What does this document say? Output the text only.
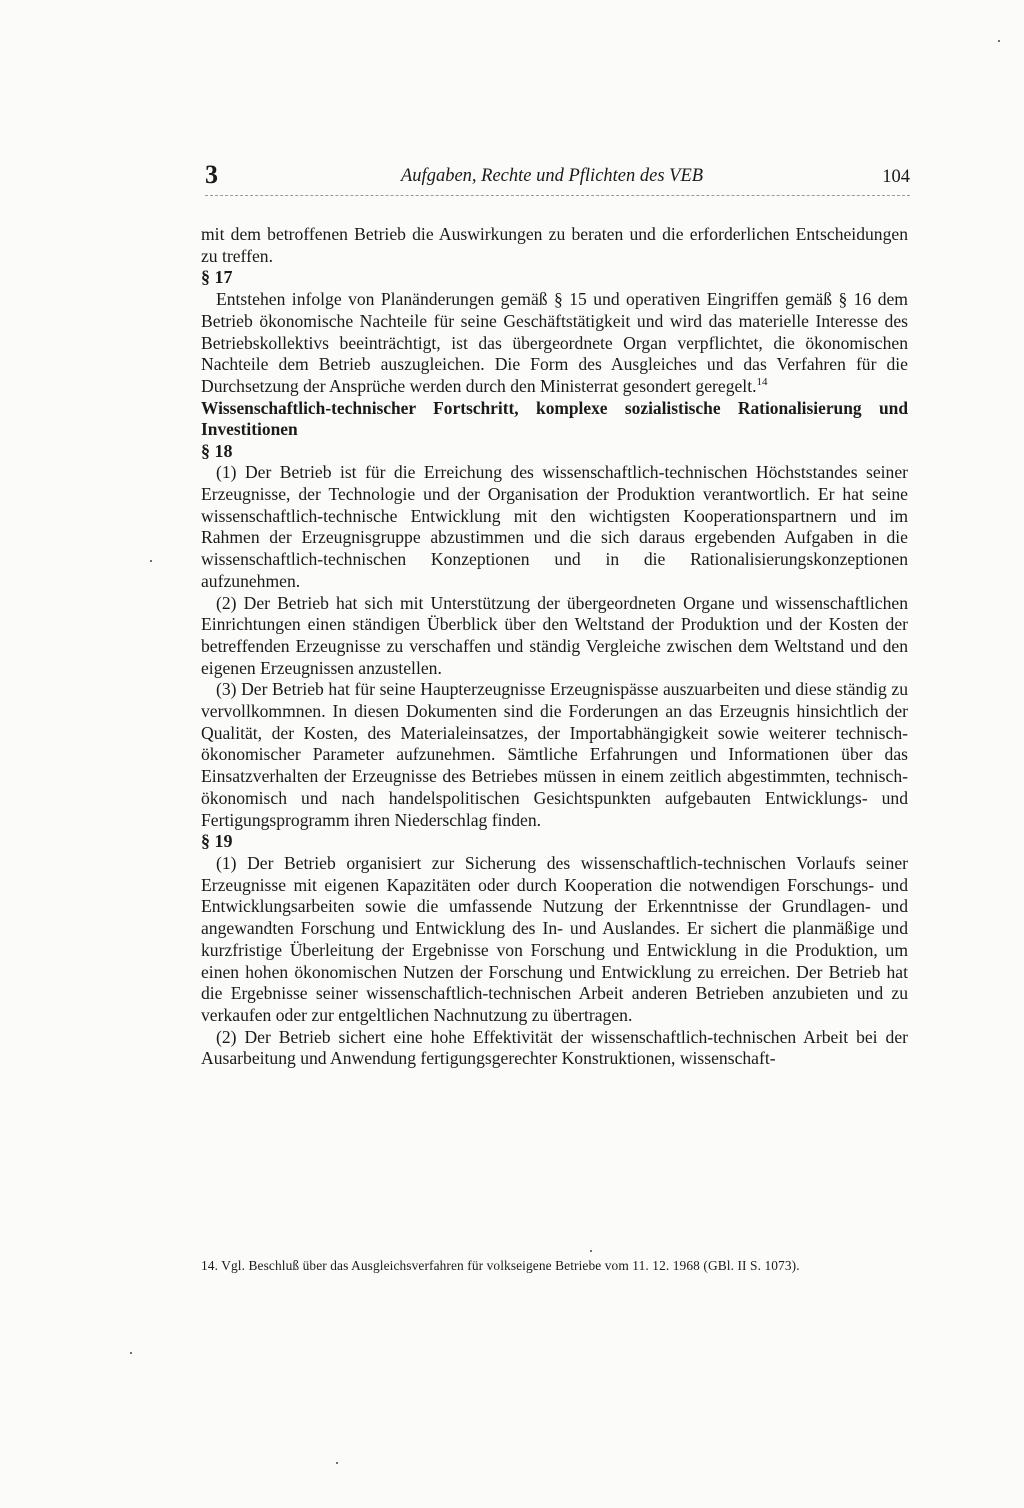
3	Aufgaben, Rechte und Pflichten des VEB	104

mit dem betroffenen Betrieb die Auswirkungen zu beraten und die erforderlichen Entscheidungen zu treffen.

§ 17

Entstehen infolge von Planänderungen gemäß § 15 und operativen Eingriffen gemäß § 16 dem Betrieb ökonomische Nachteile für seine Geschäftstätigkeit und wird das materielle Interesse des Betriebskollektivs beeinträchtigt, ist das übergeordnete Organ verpflichtet, die ökonomischen Nachteile dem Betrieb auszugleichen. Die Form des Ausgleiches und das Verfahren für die Durchsetzung der Ansprüche werden durch den Ministerrat gesondert geregelt.$^{14}$

Wissenschaftlich-technischer Fortschritt, komplexe sozialistische Rationalisierung und Investitionen

§ 18

(1) Der Betrieb ist für die Erreichung des wissenschaftlich-technischen Höchststandes seiner Erzeugnisse, der Technologie und der Organisation der Produktion verantwortlich. Er hat seine wissenschaftlich-technische Entwicklung mit den wichtigsten Kooperationspartnern und im Rahmen der Erzeugnisgruppe abzustimmen und die sich daraus ergebenden Aufgaben in die wissenschaftlich-technischen Konzeptionen und in die Rationalisierungskonzeptionen aufzunehmen.

(2) Der Betrieb hat sich mit Unterstützung der übergeordneten Organe und wissenschaftlichen Einrichtungen einen ständigen Überblick über den Weltstand der Produktion und der Kosten der betreffenden Erzeugnisse zu verschaffen und ständig Vergleiche zwischen dem Weltstand und den eigenen Erzeugnissen anzustellen.

(3) Der Betrieb hat für seine Haupterzeugnisse Erzeugnispässe auszuarbeiten und diese ständig zu vervollkommnen. In diesen Dokumenten sind die Forderungen an das Erzeugnis hinsichtlich der Qualität, der Kosten, des Materialeinsatzes, der Importabhängigkeit sowie weiterer technisch-ökonomischer Parameter aufzunehmen. Sämtliche Erfahrungen und Informationen über das Einsatzverhalten der Erzeugnisse des Betriebes müssen in einem zeitlich abgestimmten, technisch-ökonomisch und nach handelspolitischen Gesichtspunkten aufgebauten Entwicklungs- und Fertigungsprogramm ihren Niederschlag finden.

§ 19

(1) Der Betrieb organisiert zur Sicherung des wissenschaftlich-technischen Vorlaufs seiner Erzeugnisse mit eigenen Kapazitäten oder durch Kooperation die notwendigen Forschungs- und Entwicklungsarbeiten sowie die umfassende Nutzung der Erkenntnisse der Grundlagen- und angewandten Forschung und Entwicklung des In- und Auslandes. Er sichert die planmäßige und kurzfristige Überleitung der Ergebnisse von Forschung und Entwicklung in die Produktion, um einen hohen ökonomischen Nutzen der Forschung und Entwicklung zu erreichen. Der Betrieb hat die Ergebnisse seiner wissenschaftlich-technischen Arbeit anderen Betrieben anzubieten und zu verkaufen oder zur entgeltlichen Nachnutzung zu übertragen.

(2) Der Betrieb sichert eine hohe Effektivität der wissenschaftlich-technischen Arbeit bei der Ausarbeitung und Anwendung fertigungsgerechter Konstruktionen, wissenschaft-

14. Vgl. Beschluß über das Ausgleichsverfahren für volkseigene Betriebe vom 11. 12. 1968 (GBl. II S. 1073).
